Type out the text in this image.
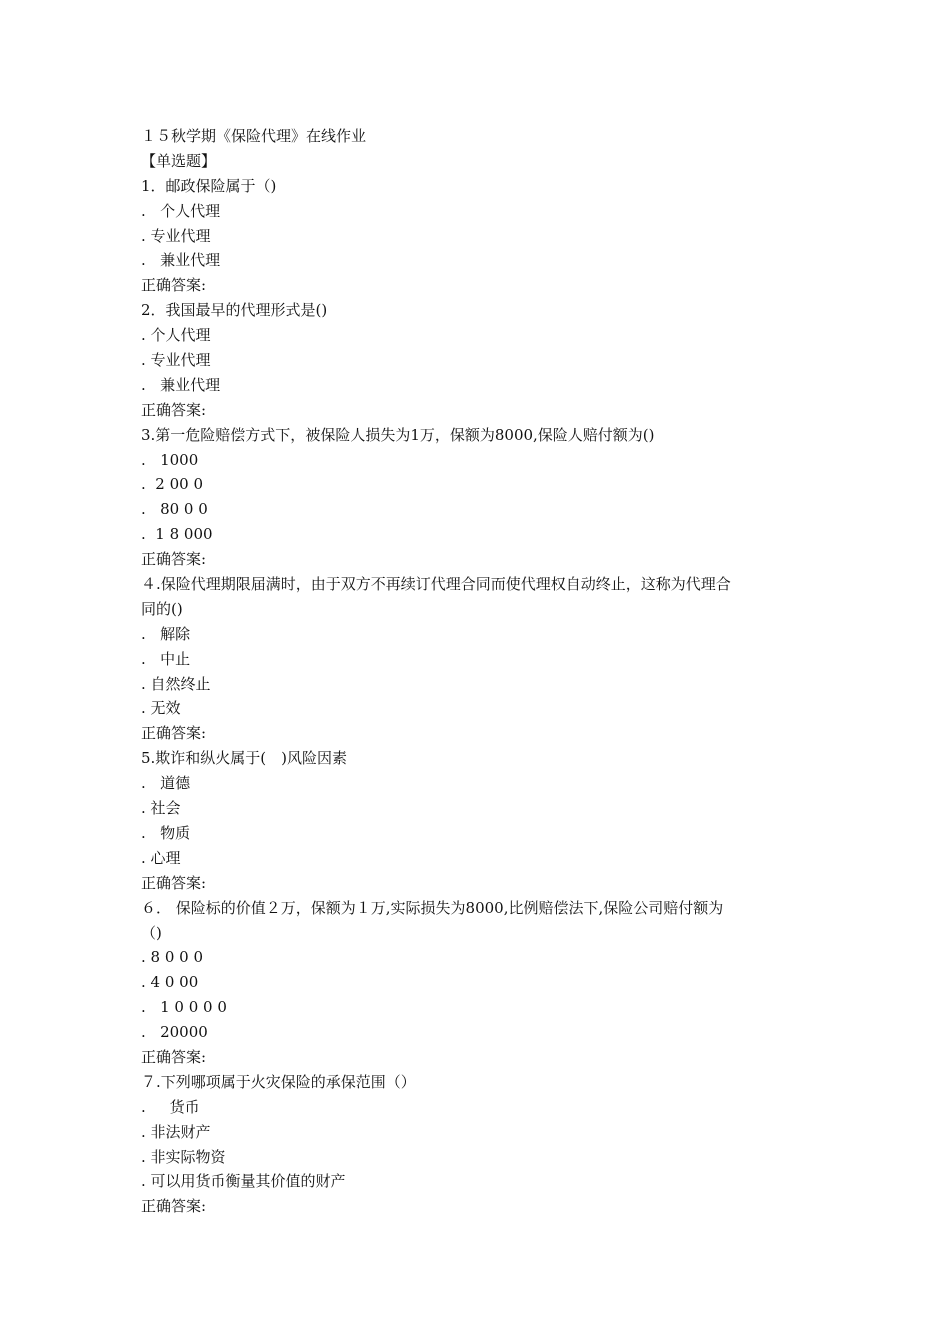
１５秋学期《保险代理》在线作业
【单选题】
1．邮政保险属于（)
.   个人代理
. 专业代理
.   兼业代理
正确答案:
2．我国最早的代理形式是()
. 个人代理
. 专业代理
.   兼业代理
正确答案:
3.第一危险赔偿方式下，被保险人损失为1万，保额为8000,保险人赔付额为()
.   1000
.  2 00 0
.   80 0 0
.  1 8 000
正确答案:
４.保险代理期限届满时，由于双方不再续订代理合同而使代理权自动终止，这称为代理合
同的()
.   解除
.   中止
. 自然终止
. 无效
正确答案:
5.欺诈和纵火属于(　)风险因素
.   道德
. 社会
.   物质
. 心理
正确答案:
６． 保险标的价值２万，保额为１万,实际损失为8000,比例赔偿法下,保险公司赔付额为
（)
. 8 0 0 0
. 4 0 00
.   1 0 0 0 0
.   20000
正确答案:
７.下列哪项属于火灾保险的承保范围（）
.     货币
. 非法财产
. 非实际物资
. 可以用货币衡量其价值的财产
正确答案:
